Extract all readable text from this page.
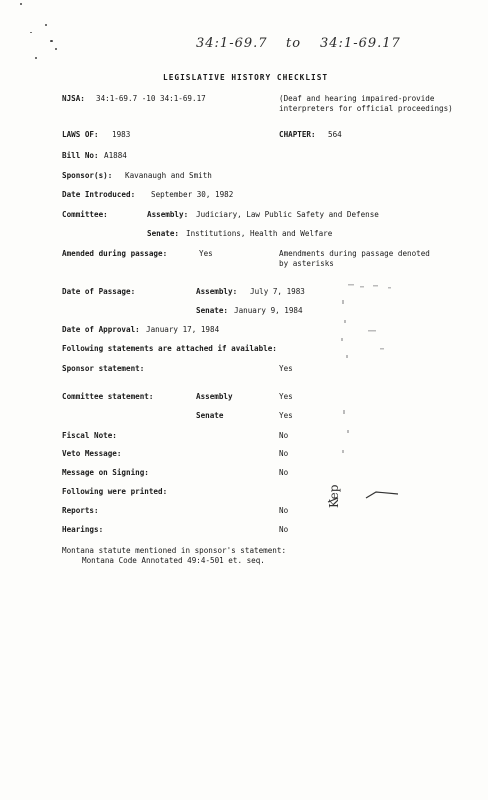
34:1-69.7 to 34:1-69.17
LEGISLATIVE HISTORY CHECKLIST
NJSA: 34:1-69.7 -10 34:1-69.17	(Deaf and hearing impaired-provide
interpreters for official proceedings)
LAWS OF: 1983	CHAPTER: 564
Bill No: A1884
Sponsor(s): Kavanaugh and Smith
Date Introduced: September 30, 1982
Committee:	Assembly: Judiciary, Law Public Safety and Defense
Senate: Institutions, Health and Welfare
Amended during passage:	Yes	Amendments during passage denoted
by asterisks
Date of Passage:	Assembly: July 7, 1983
Senate: January 9, 1984
Date of Approval: January 17, 1984
Following statements are attached if available:
Sponsor statement:	Yes
Committee statement:	Assembly	Yes
Senate	Yes
Fiscal Note:	No
Veto Message:	No
Message on Signing:	No
Following were printed:
Reports:	No
Hearings:	No
Montana statute mentioned in sponsor's statement:
Montana Code Annotated 49:4-501 et. seq.
Kep
